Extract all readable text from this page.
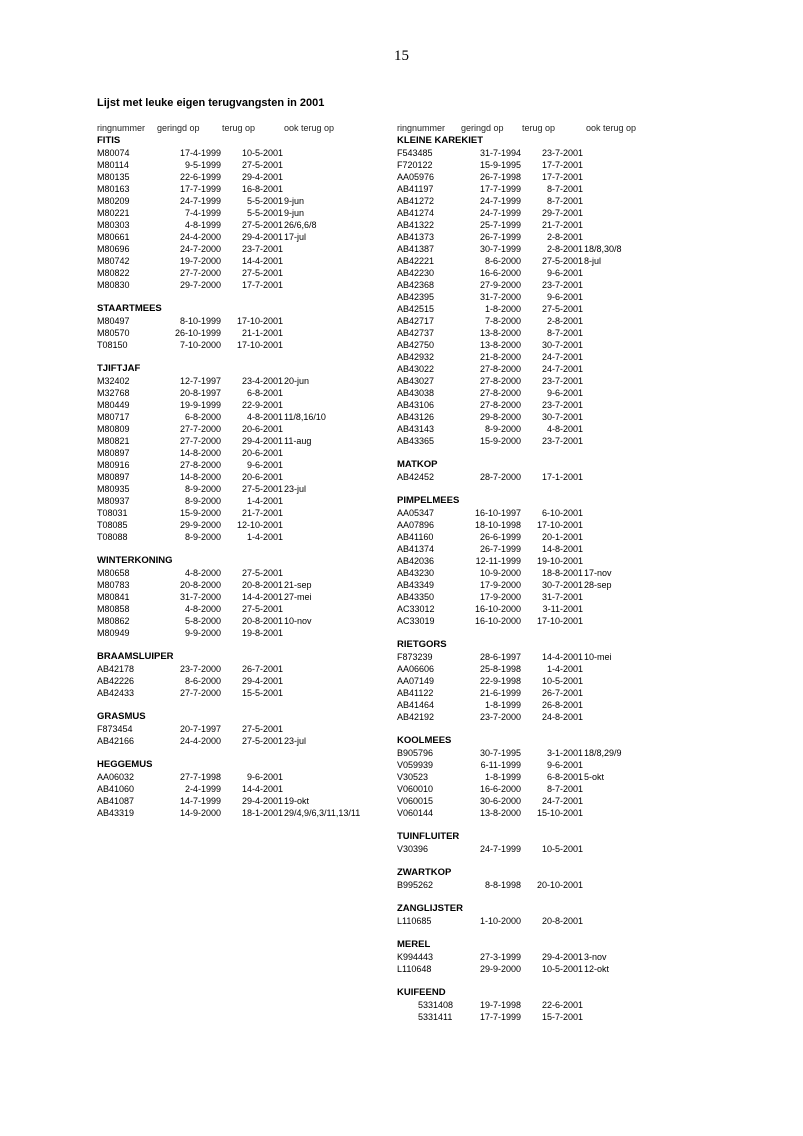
15
Lijst met leuke eigen terugvangsten in 2001
ringnummer geringd op terug op	ook terug op
FITIS
M80074	17-4-1999	10-5-2001
M80114	9-5-1999	27-5-2001
M80135	22-6-1999	29-4-2001
M80163	17-7-1999	16-8-2001
M80209	24-7-1999	5-5-2001 9-jun
M80221	7-4-1999	5-5-2001 9-jun
M80303	4-8-1999	27-5-2001 26/6,6/8
M80661	24-4-2000	29-4-2001 17-jul
M80696	24-7-2000	23-7-2001
M80742	19-7-2000	14-4-2001
M80822	27-7-2000	27-5-2001
M80830	29-7-2000	17-7-2001
STAARTMEES
M80497	8-10-1999	17-10-2001
M80570	26-10-1999	21-1-2001
T08150	7-10-2000	17-10-2001
TJIFTJAF
M32402	12-7-1997	23-4-2001 20-jun
M32768	20-8-1997	6-8-2001
M80449	19-9-1999	22-9-2001
M80717	6-8-2000	4-8-2001 11/8,16/10
M80809	27-7-2000	20-6-2001
M80821	27-7-2000	29-4-2001 11-aug
M80897	14-8-2000	20-6-2001
M80916	27-8-2000	9-6-2001
M80897	14-8-2000	20-6-2001
M80935	8-9-2000	27-5-2001 23-jul
M80937	8-9-2000	1-4-2001
T08031	15-9-2000	21-7-2001
T08085	29-9-2000	12-10-2001
T08088	8-9-2000	1-4-2001
WINTERKONING
M80658	4-8-2000	27-5-2001
M80783	20-8-2000	20-8-2001 21-sep
M80841	31-7-2000	14-4-2001 27-mei
M80858	4-8-2000	27-5-2001
M80862	5-8-2000	20-8-2001 10-nov
M80949	9-9-2000	19-8-2001
BRAAMSLUIPER
AB42178	23-7-2000	26-7-2001
AB42226	8-6-2000	29-4-2001
AB42433	27-7-2000	15-5-2001
GRASMUS
F873454	20-7-1997	27-5-2001
AB42166	24-4-2000	27-5-2001 23-jul
HEGGEMUS
AA06032	27-7-1998	9-6-2001
AB41060	2-4-1999	14-4-2001
AB41087	14-7-1999	29-4-2001 19-okt
AB43319	14-9-2000	18-1-2001 29/4,9/6,3/11,13/11
ringnummer geringd op terug op	ook terug op
KLEINE KAREKIET
F543485	31-7-1994	23-7-2001
F720122	15-9-1995	17-7-2001
AA05976	26-7-1998	17-7-2001
AB41197	17-7-1999	8-7-2001
AB41272	24-7-1999	8-7-2001
AB41274	24-7-1999	29-7-2001
AB41322	25-7-1999	21-7-2001
AB41373	26-7-1999	2-8-2001
AB41387	30-7-1999	2-8-2001 18/8,30/8
AB42221	8-6-2000	27-5-2001 8-jul
AB42230	16-6-2000	9-6-2001
AB42368	27-9-2000	23-7-2001
AB42395	31-7-2000	9-6-2001
AB42515	1-8-2000	27-5-2001
AB42717	7-8-2000	2-8-2001
AB42737	13-8-2000	8-7-2001
AB42750	13-8-2000	30-7-2001
AB42932	21-8-2000	24-7-2001
AB43022	27-8-2000	24-7-2001
AB43027	27-8-2000	23-7-2001
AB43038	27-8-2000	9-6-2001
AB43106	27-8-2000	23-7-2001
AB43126	29-8-2000	30-7-2001
AB43143	8-9-2000	4-8-2001
AB43365	15-9-2000	23-7-2001
MATKOP
AB42452	28-7-2000	17-1-2001
PIMPELMEES
AA05347	16-10-1997	6-10-2001
AA07896	18-10-1998	17-10-2001
AB41160	26-6-1999	20-1-2001
AB41374	26-7-1999	14-8-2001
AB42036	12-11-1999	19-10-2001
AB43230	10-9-2000	18-8-2001 17-nov
AB43349	17-9-2000	30-7-2001 28-sep
AB43350	17-9-2000	31-7-2001
AC33012	16-10-2000	3-11-2001
AC33019	16-10-2000	17-10-2001
RIETGORS
F873239	28-6-1997	14-4-2001 10-mei
AA06606	25-8-1998	1-4-2001
AA07149	22-9-1998	10-5-2001
AB41122	21-6-1999	26-7-2001
AB41464	1-8-1999	26-8-2001
AB42192	23-7-2000	24-8-2001
KOOLMEES
B905796	30-7-1995	3-1-2001 18/8,29/9
V059939	6-11-1999	9-6-2001
V30523	1-8-1999	6-8-2001 5-okt
V060010	16-6-2000	8-7-2001
V060015	30-6-2000	24-7-2001
V060144	13-8-2000	15-10-2001
TUINFLUITER
V30396	24-7-1999	10-5-2001
ZWARTKOP
B995262	8-8-1998	20-10-2001
ZANGLIJSTER
L110685	1-10-2000	20-8-2001
MEREL
K994443	27-3-1999	29-4-2001 3-nov
L110648	29-9-2000	10-5-2001 12-okt
KUIFEEND
5331408	19-7-1998	22-6-2001
5331411	17-7-1999	15-7-2001
